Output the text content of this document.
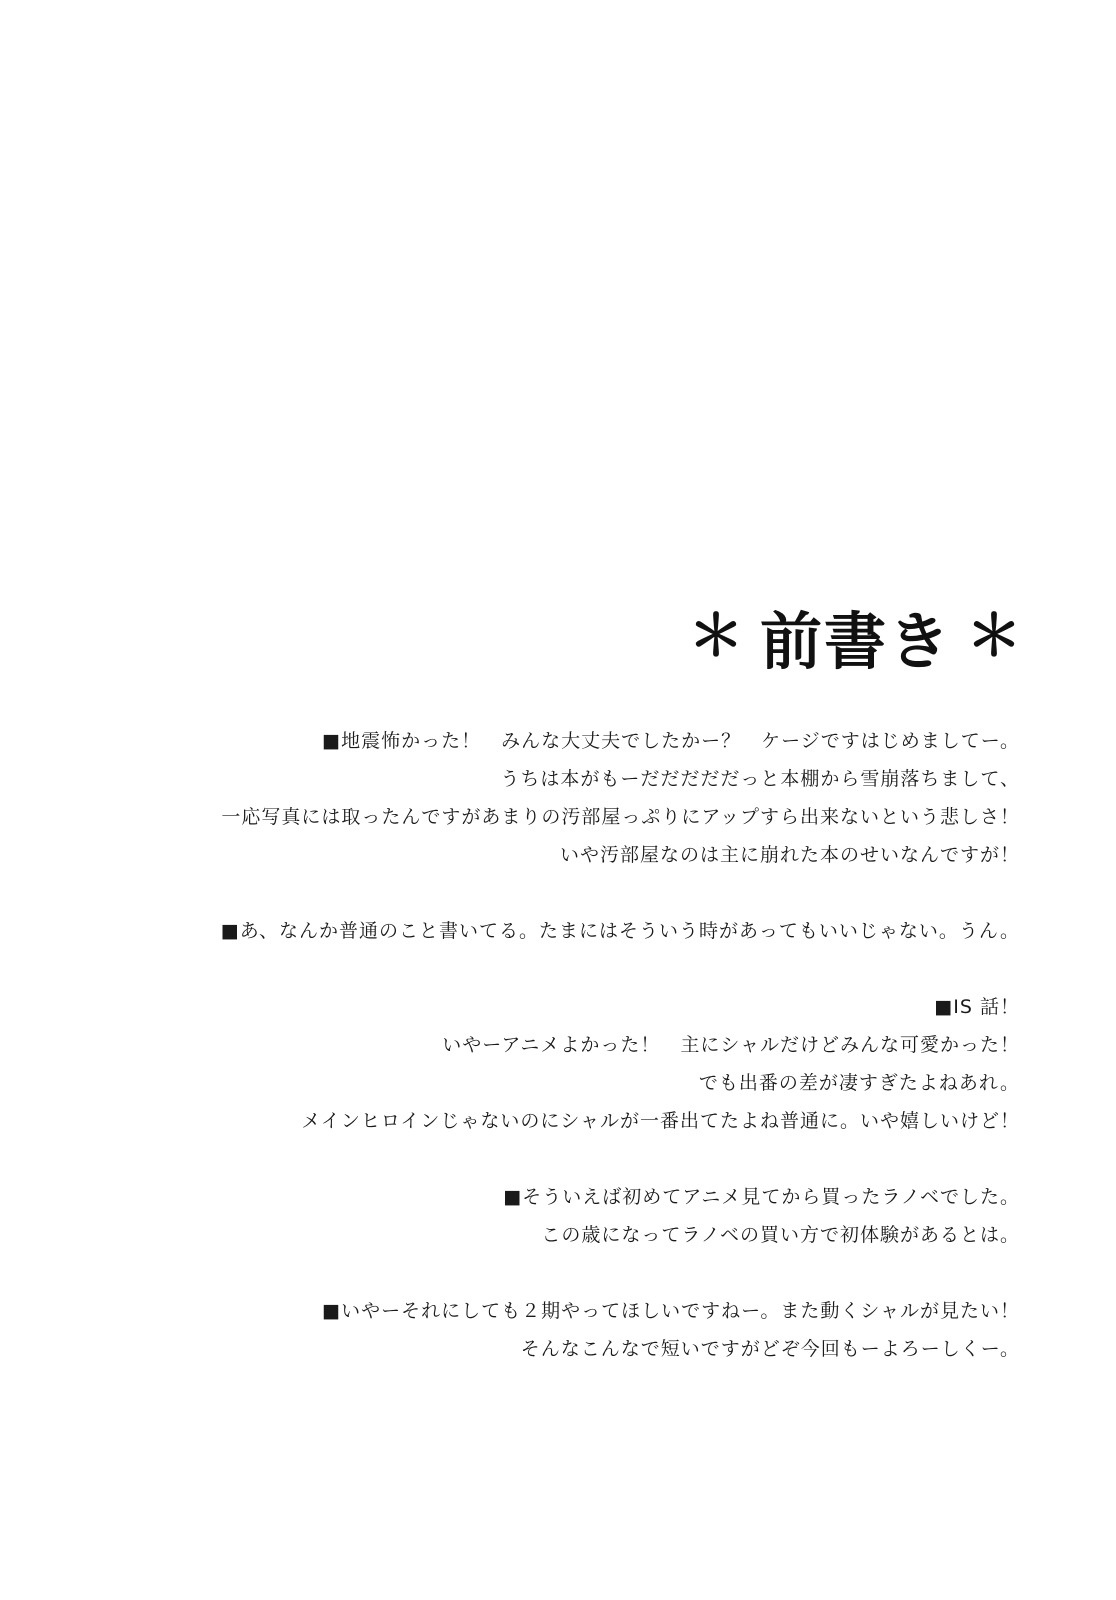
＊ 前書き ＊
■地震怖かった！　みんな大丈夫でしたかー？　ケージですはじめましてー。
うちは本がもーだだだだだっと本棚から雪崩落ちまして、
一応写真には取ったんですがあまりの汚部屋っぷりにアップすら出来ないという悲しさ！
いや汚部屋なのは主に崩れた本のせいなんですが！
■あ、なんか普通のこと書いてる。たまにはそういう時があってもいいじゃない。うん。
■IS 話！
いやーアニメよかった！　主にシャルだけどみんな可愛かった！
でも出番の差が凄すぎたよねあれ。
メインヒロインじゃないのにシャルが一番出てたよね普通に。いや嬉しいけど！
■そういえば初めてアニメ見てから買ったラノベでした。
この歳になってラノベの買い方で初体験があるとは。
■いやーそれにしても２期やってほしいですねー。また動くシャルが見たい！
そんなこんなで短いですがどぞ今回もーよろーしくー。
